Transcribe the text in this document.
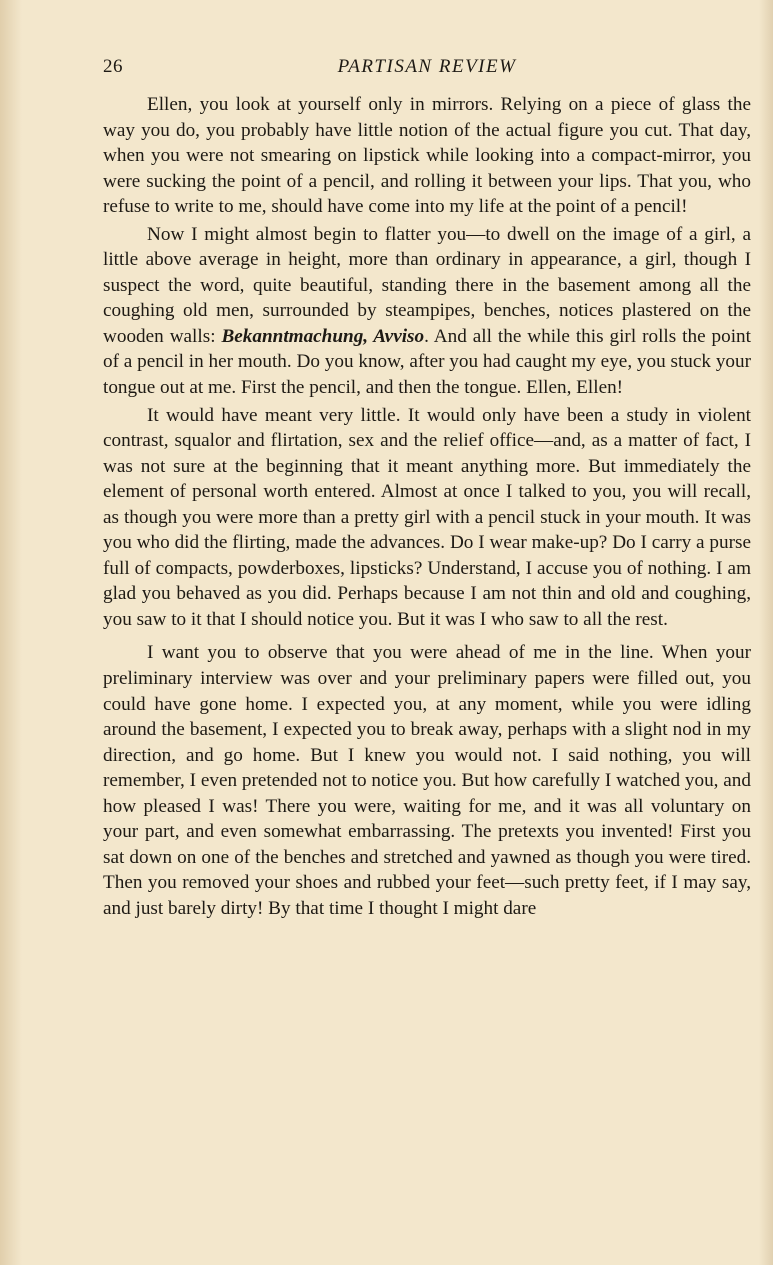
26	PARTISAN REVIEW

Ellen, you look at yourself only in mirrors. Relying on a piece of glass the way you do, you probably have little notion of the actual figure you cut. That day, when you were not smearing on lipstick while looking into a compact-mirror, you were sucking the point of a pencil, and rolling it between your lips. That you, who refuse to write to me, should have come into my life at the point of a pencil!

Now I might almost begin to flatter you—to dwell on the image of a girl, a little above average in height, more than ordinary in appearance, a girl, though I suspect the word, quite beautiful, standing there in the basement among all the coughing old men, surrounded by steampipes, benches, notices plastered on the wooden walls: Bekanntmachung, Avviso. And all the while this girl rolls the point of a pencil in her mouth. Do you know, after you had caught my eye, you stuck your tongue out at me. First the pencil, and then the tongue. Ellen, Ellen!

It would have meant very little. It would only have been a study in violent contrast, squalor and flirtation, sex and the relief office—and, as a matter of fact, I was not sure at the beginning that it meant anything more. But immediately the element of personal worth entered. Almost at once I talked to you, you will recall, as though you were more than a pretty girl with a pencil stuck in your mouth. It was you who did the flirting, made the advances. Do I wear make-up? Do I carry a purse full of compacts, powderboxes, lipsticks? Understand, I accuse you of nothing. I am glad you behaved as you did. Perhaps because I am not thin and old and coughing, you saw to it that I should notice you. But it was I who saw to all the rest.

I want you to observe that you were ahead of me in the line. When your preliminary interview was over and your preliminary papers were filled out, you could have gone home. I expected you, at any moment, while you were idling around the basement, I expected you to break away, perhaps with a slight nod in my direction, and go home. But I knew you would not. I said nothing, you will remember, I even pretended not to notice you. But how carefully I watched you, and how pleased I was! There you were, waiting for me, and it was all voluntary on your part, and even somewhat embarrassing. The pretexts you invented! First you sat down on one of the benches and stretched and yawned as though you were tired. Then you removed your shoes and rubbed your feet—such pretty feet, if I may say, and just barely dirty! By that time I thought I might dare
